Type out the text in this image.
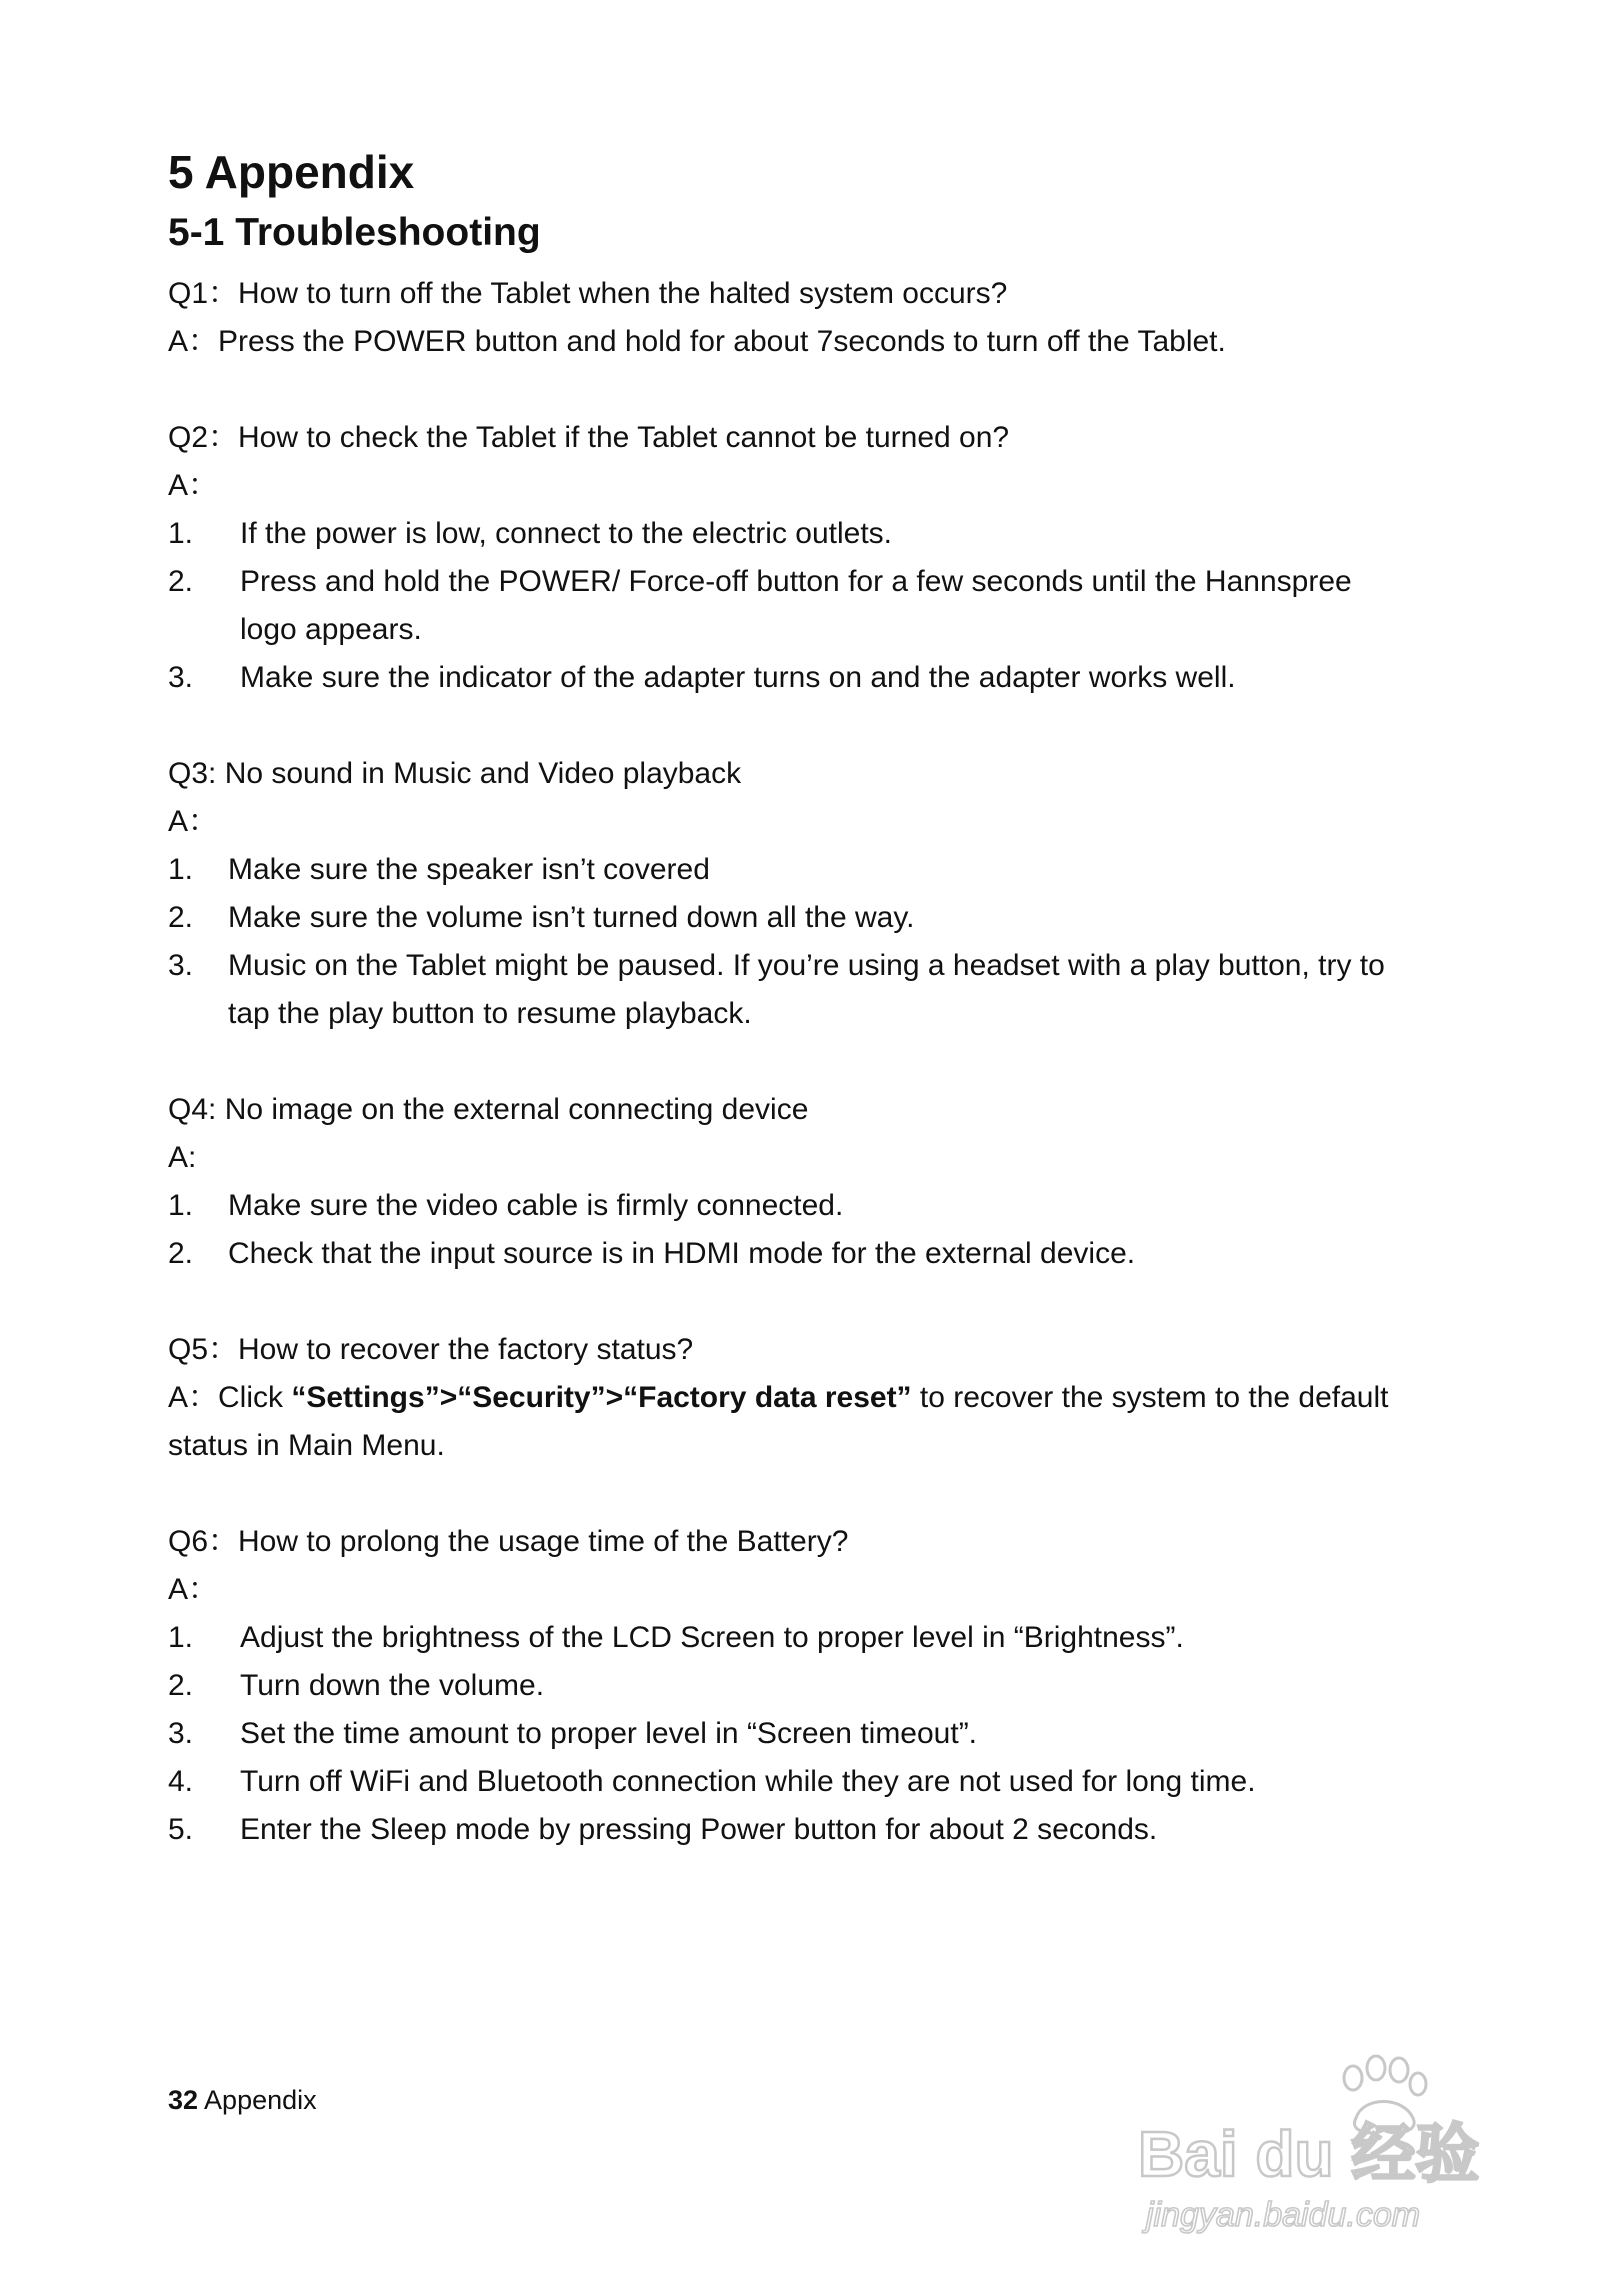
5 Appendix
5-1 Troubleshooting
Q1：How to turn off the Tablet when the halted system occurs?
A：Press the POWER button and hold for about 7seconds to turn off the Tablet.
Q2：How to check the Tablet if the Tablet cannot be turned on?
A：
1.	If the power is low, connect to the electric outlets.
2.	Press and hold the POWER/ Force-off button for a few seconds until the Hannspree logo appears.
3.	Make sure the indicator of the adapter turns on and the adapter works well.
Q3: No sound in Music and Video playback
A：
1.	Make sure the speaker isn’t covered
2.	Make sure the volume isn’t turned down all the way.
3.	Music on the Tablet might be paused. If you’re using a headset with a play button, try to tap the play button to resume playback.
Q4: No image on the external connecting device
A:
1.	Make sure the video cable is firmly connected.
2.	Check that the input source is in HDMI mode for the external device.
Q5：How to recover the factory status?
A：Click “Settings”>“Security”>“Factory data reset” to recover the system to the default status in Main Menu.
Q6：How to prolong the usage time of the Battery?
A：
1.	Adjust the brightness of the LCD Screen to proper level in “Brightness”.
2.	Turn down the volume.
3.	Set the time amount to proper level in “Screen timeout”.
4.	Turn off WiFi and Bluetooth connection while they are not used for long time.
5.	Enter the Sleep mode by pressing Power button for about 2 seconds.
32 Appendix
Bai du 经验
jingyan.baidu.com
